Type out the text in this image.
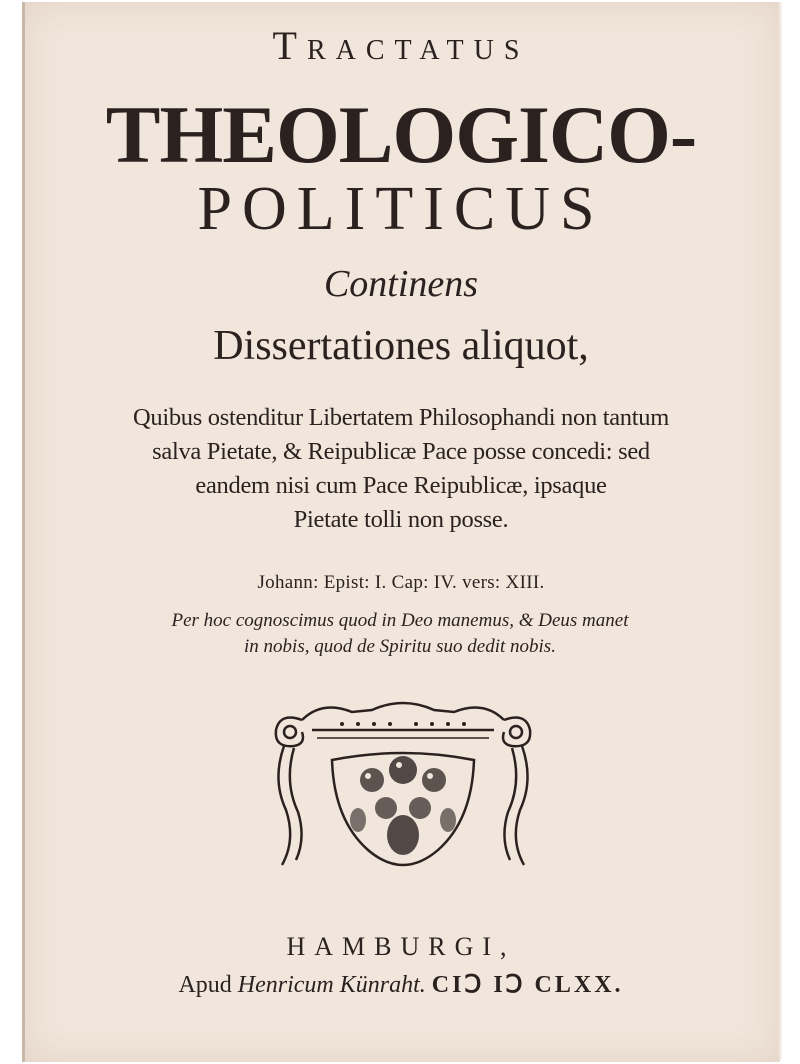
Tractatus
THEOLOGICO-
POLITICUS
Continens
Dissertationes aliquot,
Quibus ostenditur Libertatem Philosophandi non tantum
salva Pietate, & Reipublicæ Pace posse concedi: sed
eandem nisi cum Pace Reipublicæ, ipsaque
Pietate tolli non posse.
Johann: Epist: I. Cap: IV. vers: XIII.
Per hoc cognoscimus quod in Deo manemus, & Deus manet
in nobis, quod de Spiritu suo dedit nobis.
HAMBURGI,
Apud Henricum Künraht. CIↃ IↃ CLXX.
